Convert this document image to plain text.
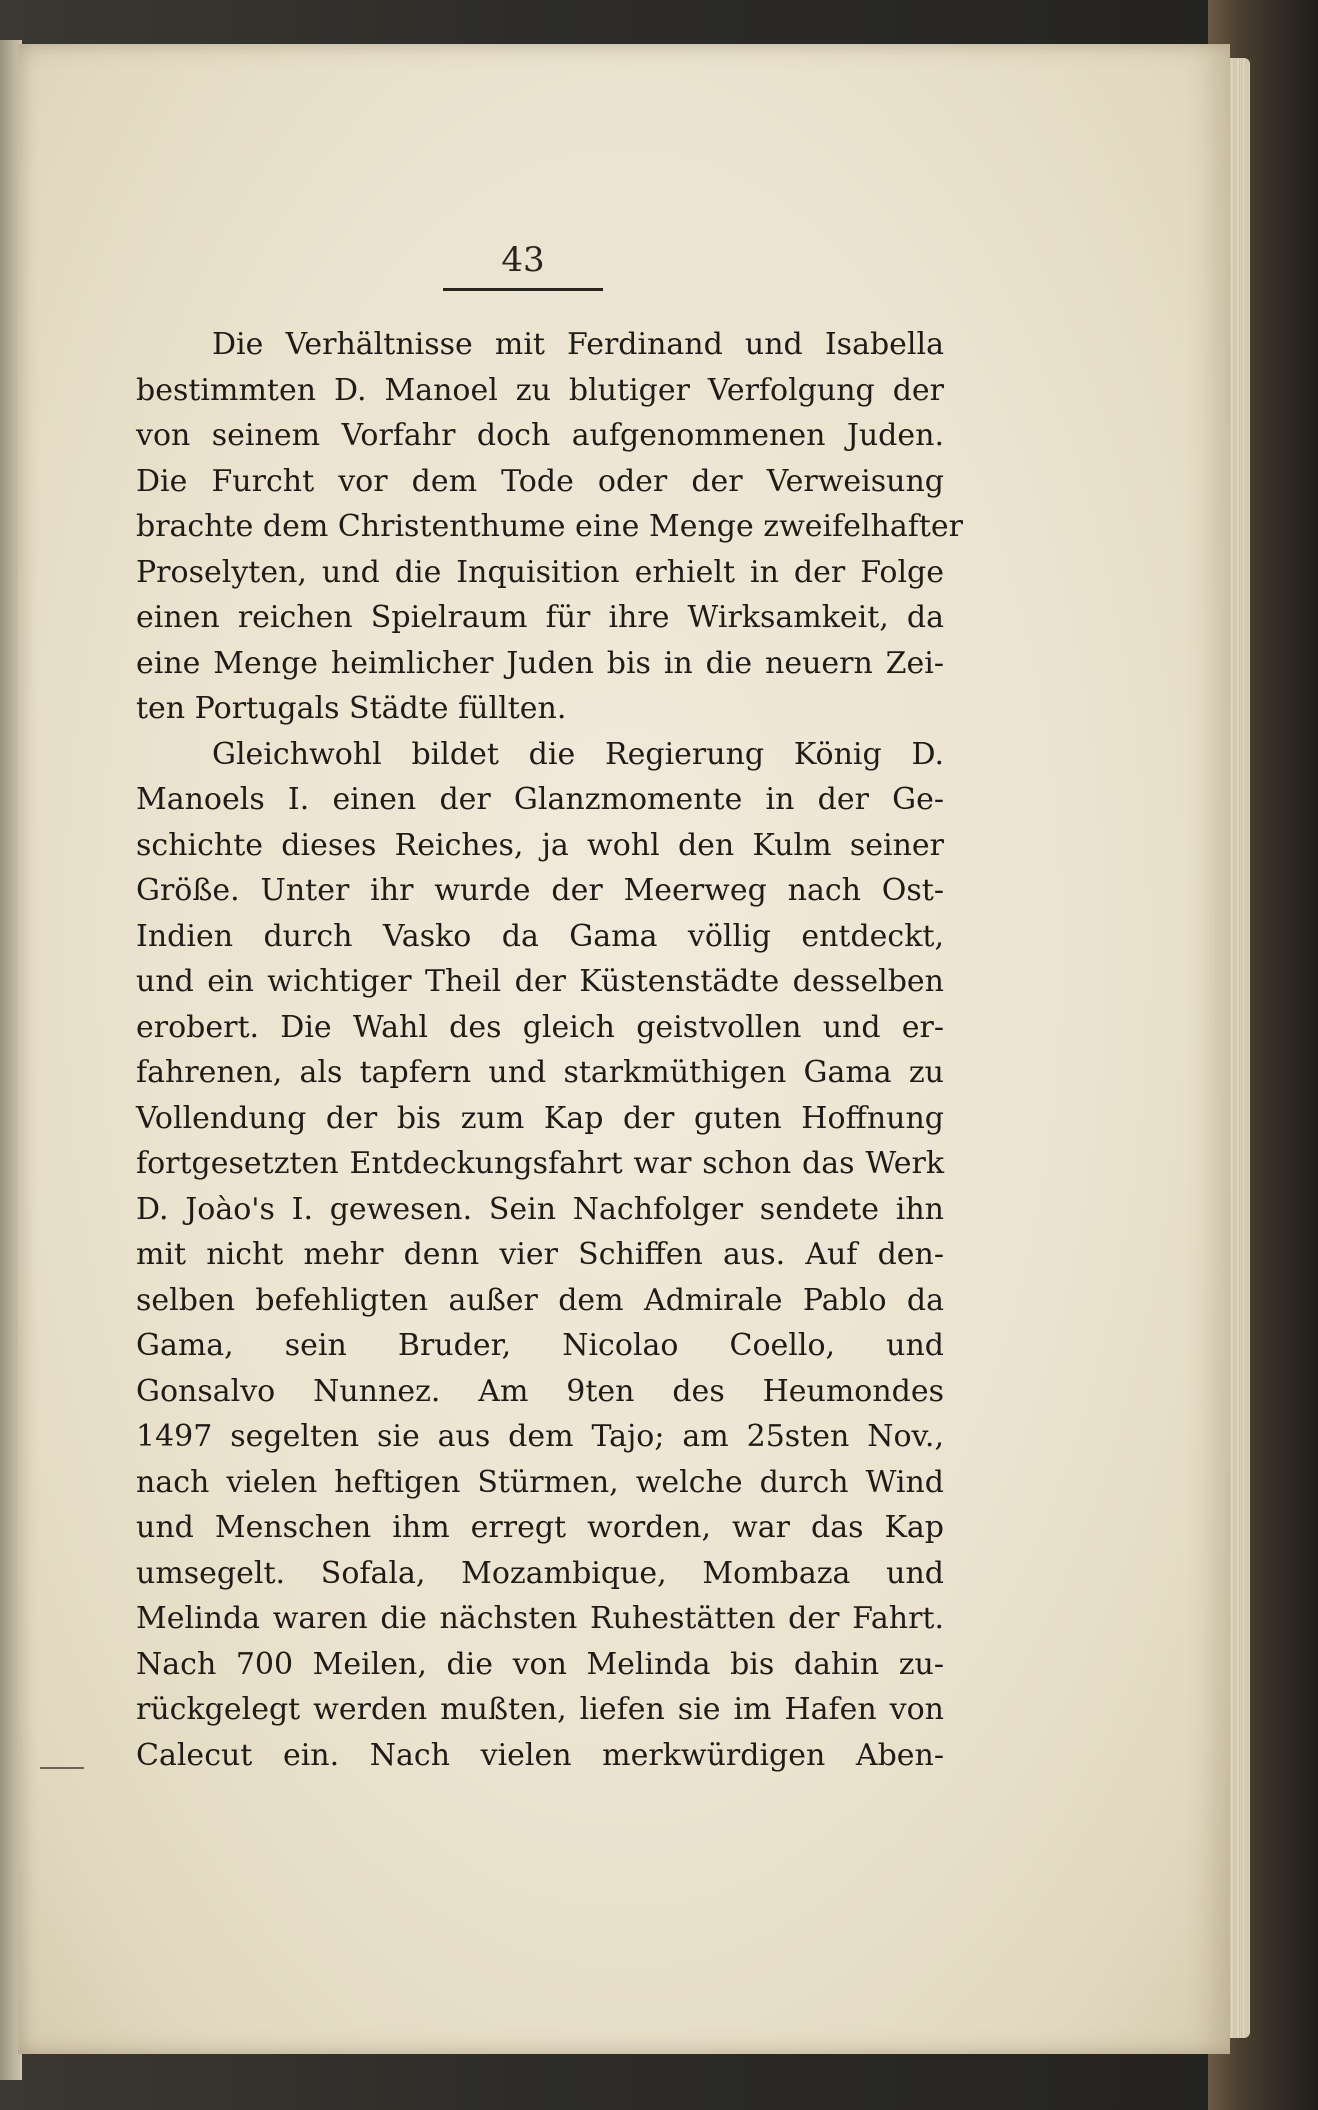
43
Die Verhältnisse mit Ferdinand und Isabella
bestimmten D. Manoel zu blutiger Verfolgung der
von seinem Vorfahr doch aufgenommenen Juden.
Die Furcht vor dem Tode oder der Verweisung
brachte dem Christenthume eine Menge zweifelhafter
Proselyten, und die Inquisition erhielt in der Folge
einen reichen Spielraum für ihre Wirksamkeit, da
eine Menge heimlicher Juden bis in die neuern Zei-
ten Portugals Städte füllten.
Gleichwohl bildet die Regierung König D.
Manoels I. einen der Glanzmomente in der Ge-
schichte dieses Reiches, ja wohl den Kulm seiner
Größe. Unter ihr wurde der Meerweg nach Ost-
Indien durch Vasko da Gama völlig entdeckt,
und ein wichtiger Theil der Küstenstädte desselben
erobert. Die Wahl des gleich geistvollen und er-
fahrenen, als tapfern und starkmüthigen Gama zu
Vollendung der bis zum Kap der guten Hoffnung
fortgesetzten Entdeckungsfahrt war schon das Werk
D. Joào's I. gewesen. Sein Nachfolger sendete ihn
mit nicht mehr denn vier Schiffen aus. Auf den-
selben befehligten außer dem Admirale Pablo da
Gama, sein Bruder, Nicolao Coello, und
Gonsalvo Nunnez. Am 9ten des Heumondes
1497 segelten sie aus dem Tajo; am 25sten Nov.,
nach vielen heftigen Stürmen, welche durch Wind
und Menschen ihm erregt worden, war das Kap
umsegelt. Sofala, Mozambique, Mombaza und
Melinda waren die nächsten Ruhestätten der Fahrt.
Nach 700 Meilen, die von Melinda bis dahin zu-
rückgelegt werden mußten, liefen sie im Hafen von
Calecut ein. Nach vielen merkwürdigen Aben-
